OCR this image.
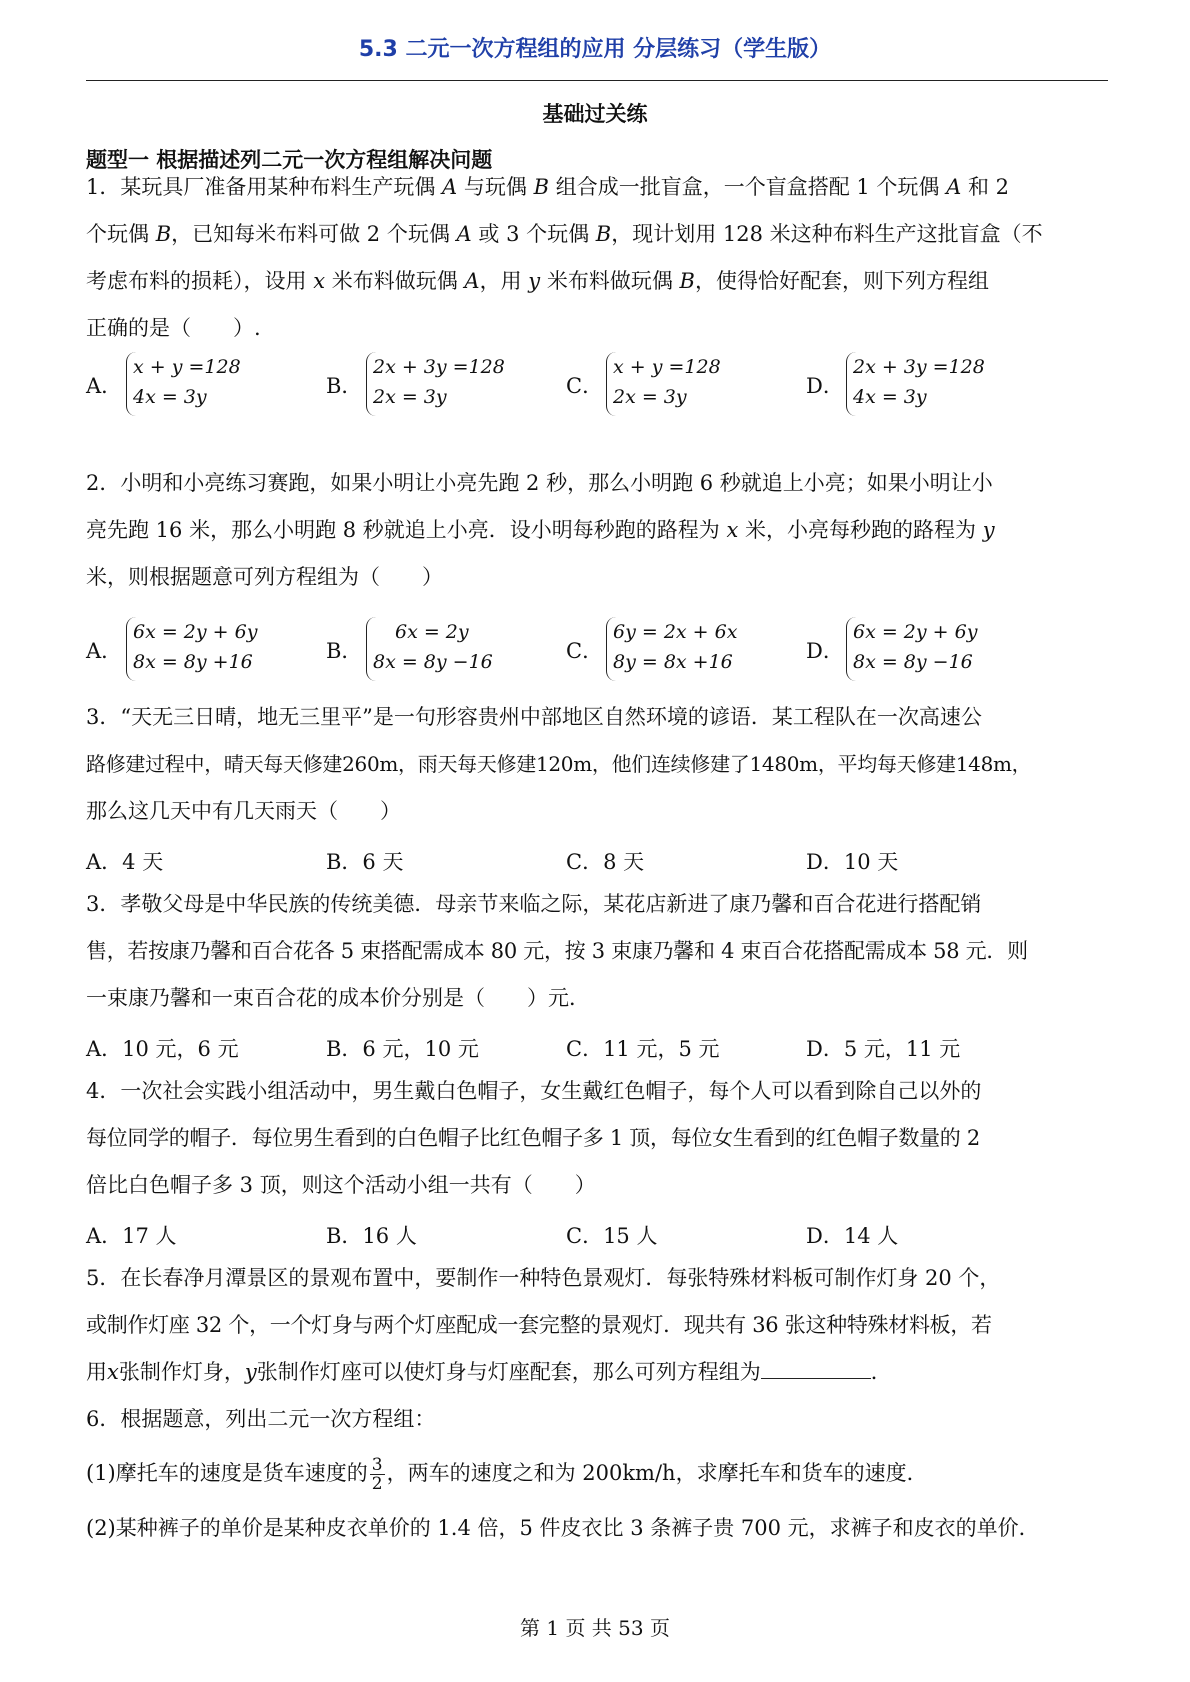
5.3 二元一次方程组的应用 分层练习（学生版）
基础过关练
题型一 根据描述列二元一次方程组解决问题

1．某玩具厂准备用某种布料生产玩偶 A 与玩偶 B 组合成一批盲盒，一个盲盒搭配 1 个玩偶 A 和 2

个玩偶 B，已知每米布料可做 2 个玩偶 A 或 3 个玩偶 B，现计划用 128 米这种布料生产这批盲盒（不

考虑布料的损耗），设用 x 米布料做玩偶 A，用 y 米布料做玩偶 B，使得恰好配套，则下列方程组

正确的是（　　）.

A．
x + y =128
4x = 3y	B．
2x + 3y =128
2x = 3y	C．
x + y =128
2x = 3y	D．
2x + 3y =128
4x = 3y

2．小明和小亮练习赛跑，如果小明让小亮先跑 2 秒，那么小明跑 6 秒就追上小亮；如果小明让小

亮先跑 16 米，那么小明跑 8 秒就追上小亮．设小明每秒跑的路程为 x 米，小亮每秒跑的路程为 y

米，则根据题意可列方程组为（　　）

A．
6x = 2y + 6y
8x = 8y +16	B．
6x = 2y
8x = 8y −16	C．
6y = 2x + 6x
8y = 8x +16	D．
6x = 2y + 6y
8x = 8y −16

3．“天无三日晴，地无三里平”是一句形容贵州中部地区自然环境的谚语．某工程队在一次高速公

路修建过程中，晴天每天修建260m，雨天每天修建120m，他们连续修建了1480m，平均每天修建148m，

那么这几天中有几天雨天（　　）

A．4 天	B．6 天	C．8 天	D．10 天

3．孝敬父母是中华民族的传统美德．母亲节来临之际，某花店新进了康乃馨和百合花进行搭配销

售，若按康乃馨和百合花各 5 束搭配需成本 80 元，按 3 束康乃馨和 4 束百合花搭配需成本 58 元．则

一束康乃馨和一束百合花的成本价分别是（　　）元．

A．10 元，6 元	B．6 元，10 元	C．11 元，5 元	D．5 元，11 元

4．一次社会实践小组活动中，男生戴白色帽子，女生戴红色帽子，每个人可以看到除自己以外的

每位同学的帽子．每位男生看到的白色帽子比红色帽子多 1 顶，每位女生看到的红色帽子数量的 2

倍比白色帽子多 3 顶，则这个活动小组一共有（　　）

A．17 人	B．16 人	C．15 人	D．14 人

5．在长春净月潭景区的景观布置中，要制作一种特色景观灯．每张特殊材料板可制作灯身 20 个，

或制作灯座 32 个，一个灯身与两个灯座配成一套完整的景观灯．现共有 36 张这种特殊材料板，若

用x张制作灯身，y张制作灯座可以使灯身与灯座配套，那么可列方程组为	．

6．根据题意，列出二元一次方程组：

(1)摩托车的速度是货车速度的 $\frac{3}{2}$ ，两车的速度之和为 200km/h，求摩托车和货车的速度．

(2)某种裤子的单价是某种皮衣单价的 1.4 倍，5 件皮衣比 3 条裤子贵 700 元，求裤子和皮衣的单价．

第 1 页 共 53 页
